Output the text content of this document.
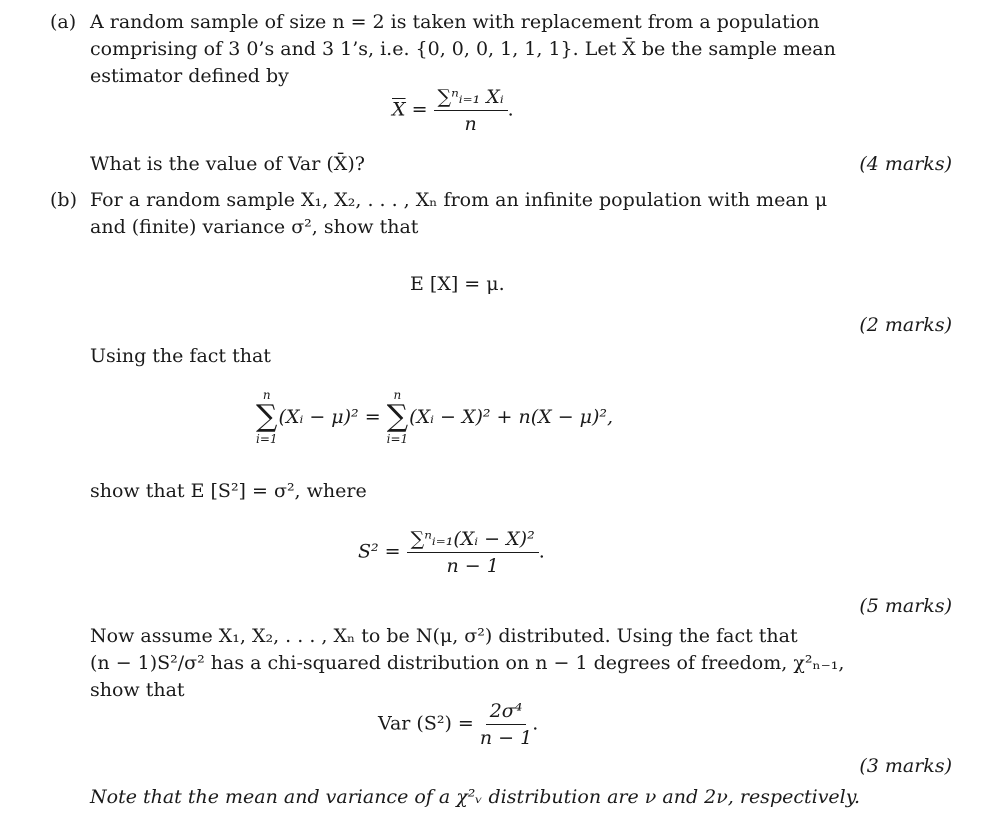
(a) A random sample of size n = 2 is taken with replacement from a population
comprising of 3 0’s and 3 1’s, i.e. {0, 0, 0, 1, 1, 1}. Let X̄ be the sample mean
estimator defined by
$\overline{X} = \frac{\text{∑ⁿᵢ₌₁ Xᵢ}}{n}$ .
What is the value of Var (X̄)?	(4 marks)
(b) For a random sample X₁, X₂, . . . , Xₙ from an infinite population with mean μ
and (finite) variance σ², show that
E [X] = μ.
(2 marks)
Using the fact that
n
∑
i=1
(Xᵢ − μ)² =
n
∑
i=1
(Xᵢ − X)² + n(X − μ)²,
show that E [S²] = σ², where
$S^2 = \frac{\text{∑ⁿᵢ₌₁(Xᵢ − X)²}}{n - 1}$ .
(5 marks)
Now assume X₁, X₂, . . . , Xₙ to be N(μ, σ²) distributed. Using the fact that
(n − 1)S²/σ² has a chi-squared distribution on n − 1 degrees of freedom, χ²ₙ₋₁,
show that
Var $(S^2) = \frac{\text{2σ⁴}}{n - 1}$ .
(3 marks)
Note that the mean and variance of a χ²ᵥ distribution are ν and 2ν, respectively.
